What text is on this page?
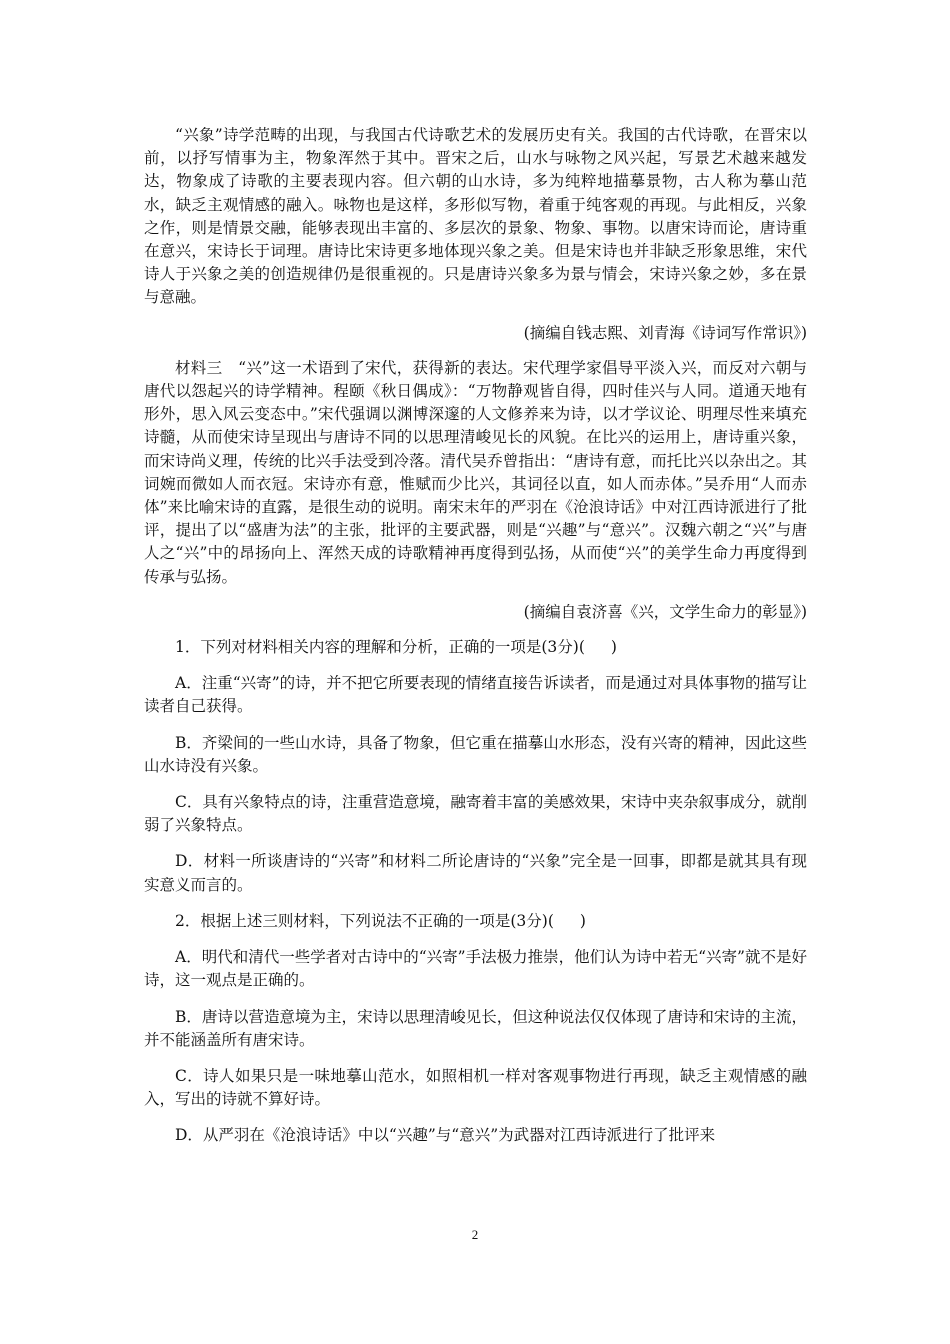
“兴象”诗学范畴的出现，与我国古代诗歌艺术的发展历史有关。我国的古代诗歌，在晋宋以前，以抒写情事为主，物象浑然于其中。晋宋之后，山水与咏物之风兴起，写景艺术越来越发达，物象成了诗歌的主要表现内容。但六朝的山水诗，多为纯粹地描摹景物，古人称为摹山范水，缺乏主观情感的融入。咏物也是这样，多形似写物，着重于纯客观的再现。与此相反，兴象之作，则是情景交融，能够表现出丰富的、多层次的景象、物象、事物。以唐宋诗而论，唐诗重在意兴，宋诗长于词理。唐诗比宋诗更多地体现兴象之美。但是宋诗也并非缺乏形象思维，宋代诗人于兴象之美的创造规律仍是很重视的。只是唐诗兴象多为景与情会，宋诗兴象之妙，多在景与意融。

(摘编自钱志熙、刘青海《诗词写作常识》)

材料三　“兴”这一术语到了宋代，获得新的表达。宋代理学家倡导平淡入兴，而反对六朝与唐代以怨起兴的诗学精神。程颐《秋日偶成》：“万物静观皆自得，四时佳兴与人同。道通天地有形外，思入风云变态中。”宋代强调以渊博深邃的人文修养来为诗，以才学议论、明理尽性来填充诗髓，从而使宋诗呈现出与唐诗不同的以思理清峻见长的风貌。在比兴的运用上，唐诗重兴象，而宋诗尚义理，传统的比兴手法受到冷落。清代吴乔曾指出：“唐诗有意，而托比兴以杂出之。其词婉而微如人而衣冠。宋诗亦有意，惟赋而少比兴，其词径以直，如人而赤体。”吴乔用“人而赤体”来比喻宋诗的直露，是很生动的说明。南宋末年的严羽在《沧浪诗话》中对江西诗派进行了批评，提出了以“盛唐为法”的主张，批评的主要武器，则是“兴趣”与“意兴”。汉魏六朝之“兴”与唐人之“兴”中的昂扬向上、浑然天成的诗歌精神再度得到弘扬，从而使“兴”的美学生命力再度得到传承与弘扬。

(摘编自袁济喜《兴，文学生命力的彰显》)

1．下列对材料相关内容的理解和分析，正确的一项是(3分)( )

A．注重“兴寄”的诗，并不把它所要表现的情绪直接告诉读者，而是通过对具体事物的描写让读者自己获得。

B．齐梁间的一些山水诗，具备了物象，但它重在描摹山水形态，没有兴寄的精神，因此这些山水诗没有兴象。

C．具有兴象特点的诗，注重营造意境，融寄着丰富的美感效果，宋诗中夹杂叙事成分，就削弱了兴象特点。

D．材料一所谈唐诗的“兴寄”和材料二所论唐诗的“兴象”完全是一回事，即都是就其具有现实意义而言的。

2．根据上述三则材料，下列说法不正确的一项是(3分)( )

A．明代和清代一些学者对古诗中的“兴寄”手法极力推崇，他们认为诗中若无“兴寄”就不是好诗，这一观点是正确的。

B．唐诗以营造意境为主，宋诗以思理清峻见长，但这种说法仅仅体现了唐诗和宋诗的主流，并不能涵盖所有唐宋诗。

C．诗人如果只是一味地摹山范水，如照相机一样对客观事物进行再现，缺乏主观情感的融入，写出的诗就不算好诗。

D．从严羽在《沧浪诗话》中以“兴趣”与“意兴”为武器对江西诗派进行了批评来

2
